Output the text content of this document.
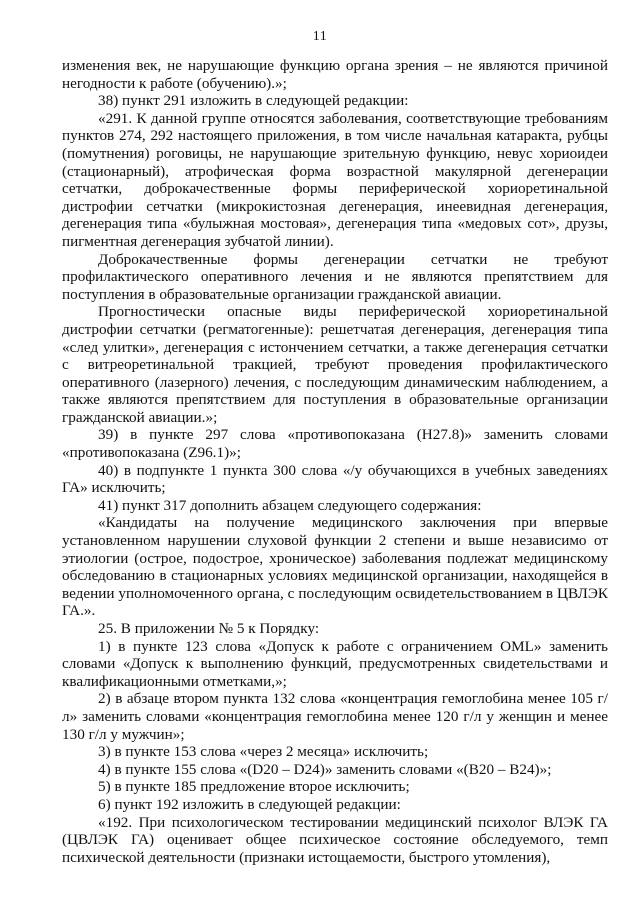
11

изменения век, не нарушающие функцию органа зрения – не являются причиной негодности к работе (обучению).»;

38) пункт 291 изложить в следующей редакции:

«291. К данной группе относятся заболевания, соответствующие требованиям пунктов 274, 292 настоящего приложения, в том числе начальная катаракта, рубцы (помутнения) роговицы, не нарушающие зрительную функцию, невус хориоидеи (стационарный), атрофическая форма возрастной макулярной дегенерации сетчатки, доброкачественные формы периферической хориоретинальной дистрофии сетчатки (микрокистозная дегенерация, инеевидная дегенерация, дегенерация типа «булыжная мостовая», дегенерация типа «медовых сот», друзы, пигментная дегенерация зубчатой линии).

Доброкачественные формы дегенерации сетчатки не требуют профилактического оперативного лечения и не являются препятствием для поступления в образовательные организации гражданской авиации.

Прогностически опасные виды периферической хориоретинальной дистрофии сетчатки (регматогенные): решетчатая дегенерация, дегенерация типа «след улитки», дегенерация с истончением сетчатки, а также дегенерация сетчатки с витреоретинальной тракцией, требуют проведения профилактического оперативного (лазерного) лечения, с последующим динамическим наблюдением, а также являются препятствием для поступления в образовательные организации гражданской авиации.»;

39) в пункте 297 слова «противопоказана (H27.8)» заменить словами «противопоказана (Z96.1)»;

40) в подпункте 1 пункта 300 слова «/у обучающихся в учебных заведениях ГА» исключить;

41) пункт 317 дополнить абзацем следующего содержания:

«Кандидаты на получение медицинского заключения при впервые установленном нарушении слуховой функции 2 степени и выше независимо от этиологии (острое, подострое, хроническое) заболевания подлежат медицинскому обследованию в стационарных условиях медицинской организации, находящейся в ведении уполномоченного органа, с последующим освидетельствованием в ЦВЛЭК ГА.».

25. В приложении № 5 к Порядку:

1) в пункте 123 слова «Допуск к работе с ограничением OML» заменить словами «Допуск к выполнению функций, предусмотренных свидетельствами и квалификационными отметками,»;

2) в абзаце втором пункта 132 слова «концентрация гемоглобина менее 105 г/л» заменить словами «концентрация гемоглобина менее 120 г/л у женщин и менее 130 г/л у мужчин»;

3) в пункте 153 слова «через 2 месяца» исключить;

4) в пункте 155 слова «(D20 – D24)» заменить словами «(B20 – B24)»;

5) в пункте 185 предложение второе исключить;

6) пункт 192 изложить в следующей редакции:

«192. При психологическом тестировании медицинский психолог ВЛЭК ГА (ЦВЛЭК ГА) оценивает общее психическое состояние обследуемого, темп психической деятельности (признаки истощаемости, быстрого утомления),
